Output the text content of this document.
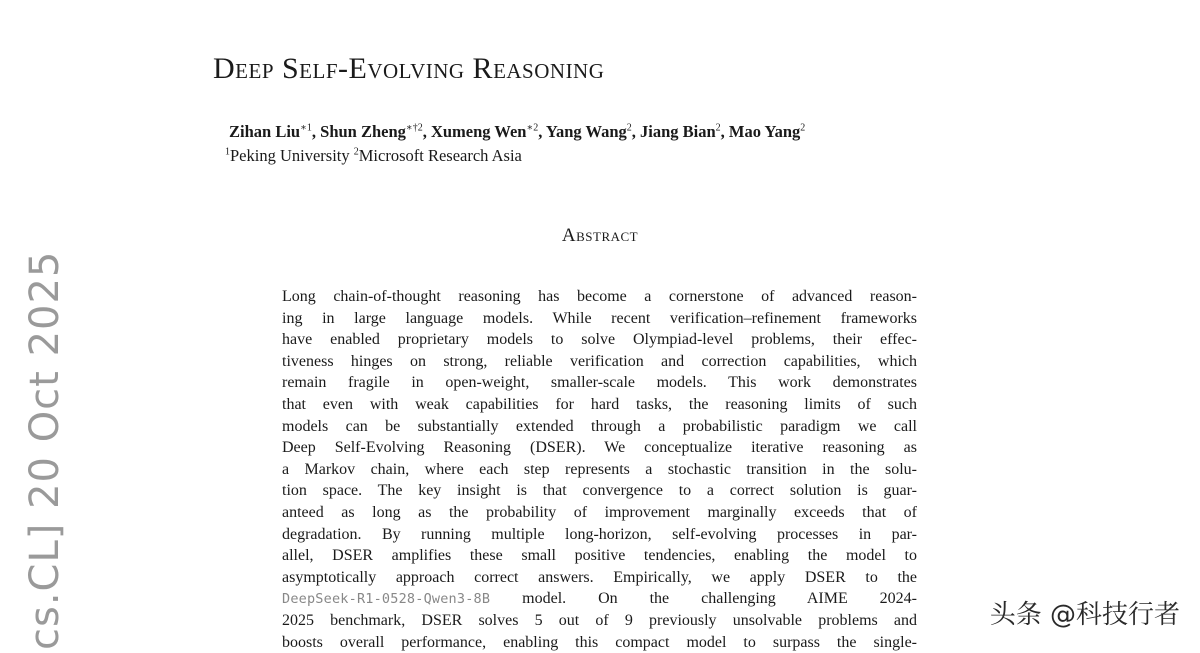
Deep Self-Evolving Reasoning
Zihan Liu$^{∗1}$, Shun Zheng$^{∗\dagger 2}$, Xumeng Wen$^{∗2}$, Yang Wang$^2$, Jiang Bian$^2$, Mao Yang$^2$
$^1$Peking University $^2$Microsoft Research Asia
Abstract
Long chain-of-thought reasoning has become a cornerstone of advanced reason-
ing in large language models. While recent verification–refinement frameworks
have enabled proprietary models to solve Olympiad-level problems, their effec-
tiveness hinges on strong, reliable verification and correction capabilities, which
remain fragile in open-weight, smaller-scale models. This work demonstrates
that even with weak capabilities for hard tasks, the reasoning limits of such
models can be substantially extended through a probabilistic paradigm we call
Deep Self-Evolving Reasoning (DSER). We conceptualize iterative reasoning as
a Markov chain, where each step represents a stochastic transition in the solu-
tion space. The key insight is that convergence to a correct solution is guar-
anteed as long as the probability of improvement marginally exceeds that of
degradation. By running multiple long-horizon, self-evolving processes in par-
allel, DSER amplifies these small positive tendencies, enabling the model to
asymptotically approach correct answers. Empirically, we apply DSER to the
DeepSeek-R1-0528-Qwen3-8B model. On the challenging AIME 2024-
2025 benchmark, DSER solves 5 out of 9 previously unsolvable problems and
boosts overall performance, enabling this compact model to surpass the single-
cs.CL] 20 Oct 2025	头条 @科技行者
